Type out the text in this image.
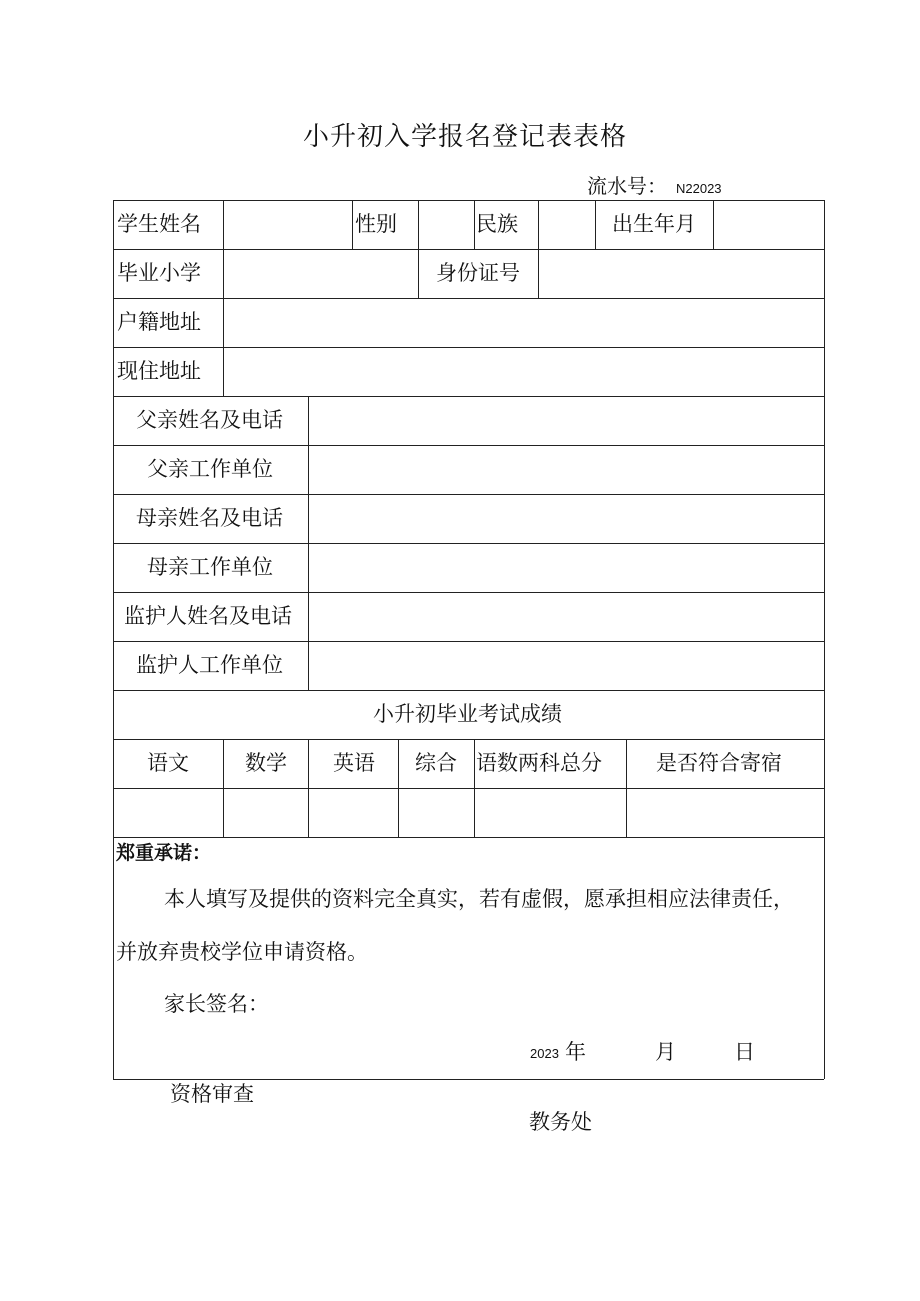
小升初入学报名登记表表格
流水号： N22023
学生姓名	性别	民族	出生年月
毕业小学	身份证号
户籍地址
现住地址
父亲姓名及电话
父亲工作单位
母亲姓名及电话
母亲工作单位
监护人姓名及电话
监护人工作单位
小升初毕业考试成绩
语文	数学 英语 综合 语数两科总分	是否符合寄宿
郑重承诺：
本人填写及提供的资料完全真实，若有虚假，愿承担相应法律责任，
并放弃贵校学位申请资格。
家长签名：
2023 年	月	日
资格审查
教务处
